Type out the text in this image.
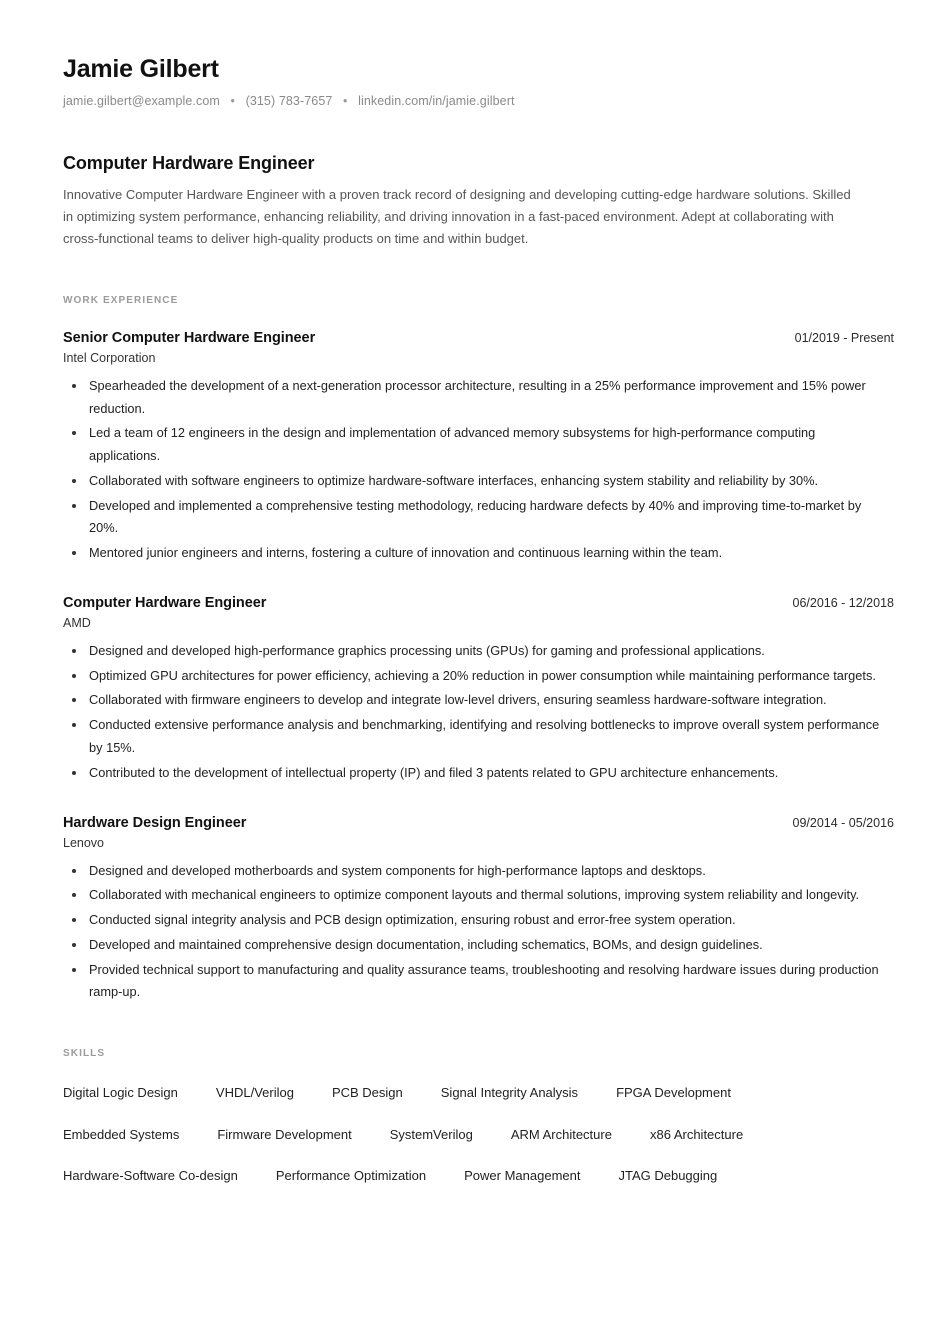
Jamie Gilbert
jamie.gilbert@example.com • (315) 783-7657 • linkedin.com/in/jamie.gilbert
Computer Hardware Engineer

Innovative Computer Hardware Engineer with a proven track record of designing and developing cutting-edge hardware solutions. Skilled in optimizing system performance, enhancing reliability, and driving innovation in a fast-paced environment. Adept at collaborating with cross-functional teams to deliver high-quality products on time and within budget.

WORK EXPERIENCE
Senior Computer Hardware Engineer	01/2019 - Present
Intel Corporation
Spearheaded the development of a next-generation processor architecture, resulting in a 25% performance improvement and 15% power reduction.
Led a team of 12 engineers in the design and implementation of advanced memory subsystems for high-performance computing applications.
Collaborated with software engineers to optimize hardware-software interfaces, enhancing system stability and reliability by 30%.
Developed and implemented a comprehensive testing methodology, reducing hardware defects by 40% and improving time-to-market by 20%.
Mentored junior engineers and interns, fostering a culture of innovation and continuous learning within the team.
Computer Hardware Engineer	06/2016 - 12/2018
AMD
Designed and developed high-performance graphics processing units (GPUs) for gaming and professional applications.
Optimized GPU architectures for power efficiency, achieving a 20% reduction in power consumption while maintaining performance targets.
Collaborated with firmware engineers to develop and integrate low-level drivers, ensuring seamless hardware-software integration.
Conducted extensive performance analysis and benchmarking, identifying and resolving bottlenecks to improve overall system performance by 15%.
Contributed to the development of intellectual property (IP) and filed 3 patents related to GPU architecture enhancements.
Hardware Design Engineer	09/2014 - 05/2016
Lenovo
Designed and developed motherboards and system components for high-performance laptops and desktops.
Collaborated with mechanical engineers to optimize component layouts and thermal solutions, improving system reliability and longevity.
Conducted signal integrity analysis and PCB design optimization, ensuring robust and error-free system operation.
Developed and maintained comprehensive design documentation, including schematics, BOMs, and design guidelines.
Provided technical support to manufacturing and quality assurance teams, troubleshooting and resolving hardware issues during production ramp-up.
SKILLS
Digital Logic Design	VHDL/Verilog	PCB Design	Signal Integrity Analysis	FPGA Development
Embedded Systems	Firmware Development	SystemVerilog	ARM Architecture	x86 Architecture
Hardware-Software Co-design	Performance Optimization	Power Management	JTAG Debugging
